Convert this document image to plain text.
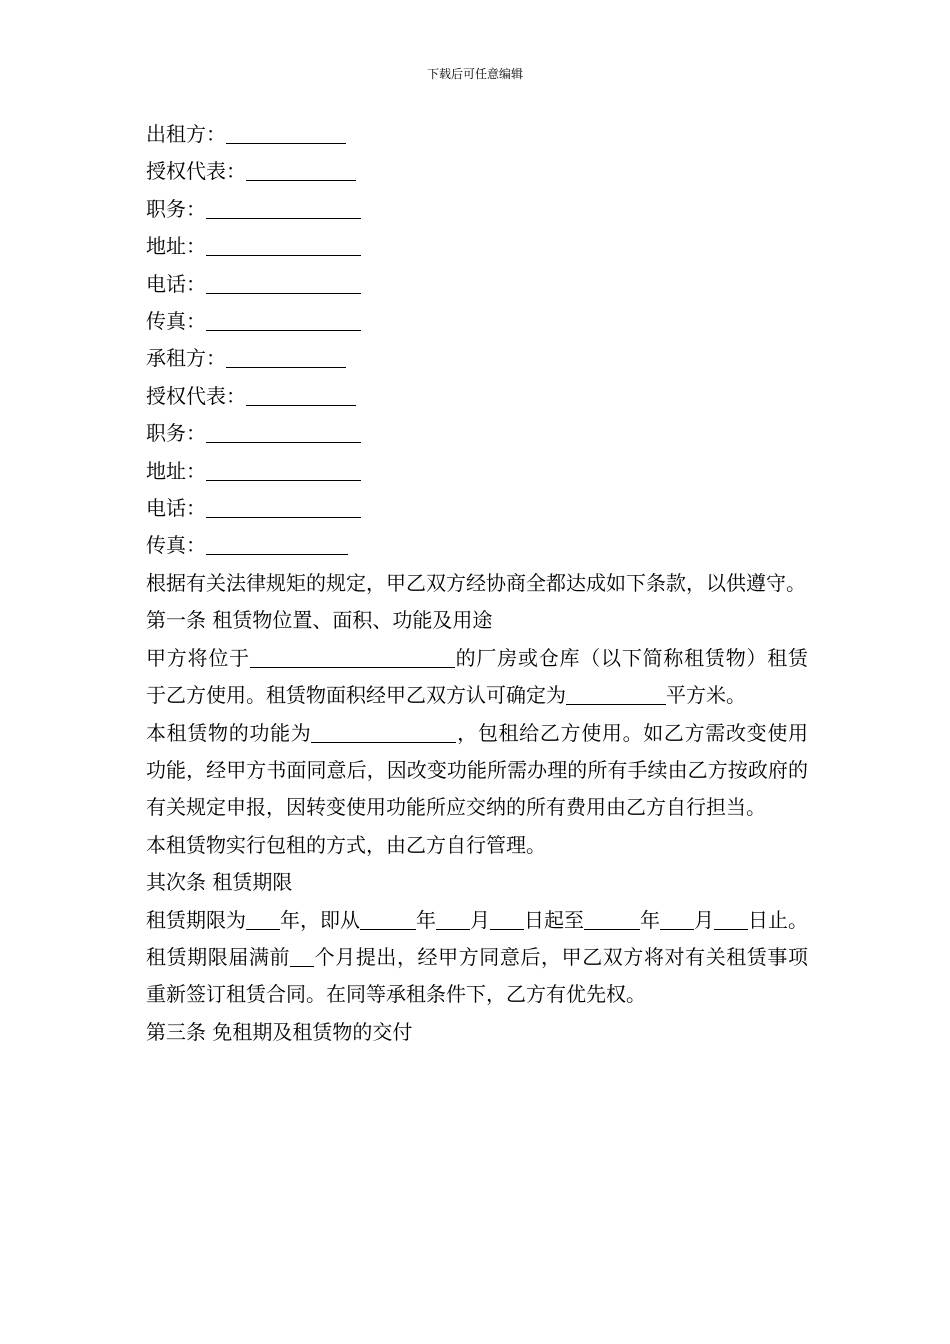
下载后可任意编辑

出租方：

授权代表：

职务：

地址：

电话：

传真：

承租方：

授权代表：

职务：

地址：

电话：

传真：

根据有关法律规矩的规定，甲乙双方经协商全都达成如下条款，以供遵守。

第一条 租赁物位置、面积、功能及用途

甲方将位于	的厂房或仓库（以下简称租赁物）租赁于乙方使用。租赁物面积经甲乙双方认可确定为	平方米。

本租赁物的功能为	，包租给乙方使用。如乙方需改变使用功能，经甲方书面同意后，因改变功能所需办理的所有手续由乙方按政府的有关规定申报，因转变使用功能所应交纳的所有费用由乙方自行担当。

本租赁物实行包租的方式，由乙方自行管理。

其次条 租赁期限

租赁期限为 年，即从	年 月 日起至	年 月 日止。

租赁期限届满前 个月提出，经甲方同意后，甲乙双方将对有关租赁事项重新签订租赁合同。在同等承租条件下，乙方有优先权。

第三条 免租期及租赁物的交付
